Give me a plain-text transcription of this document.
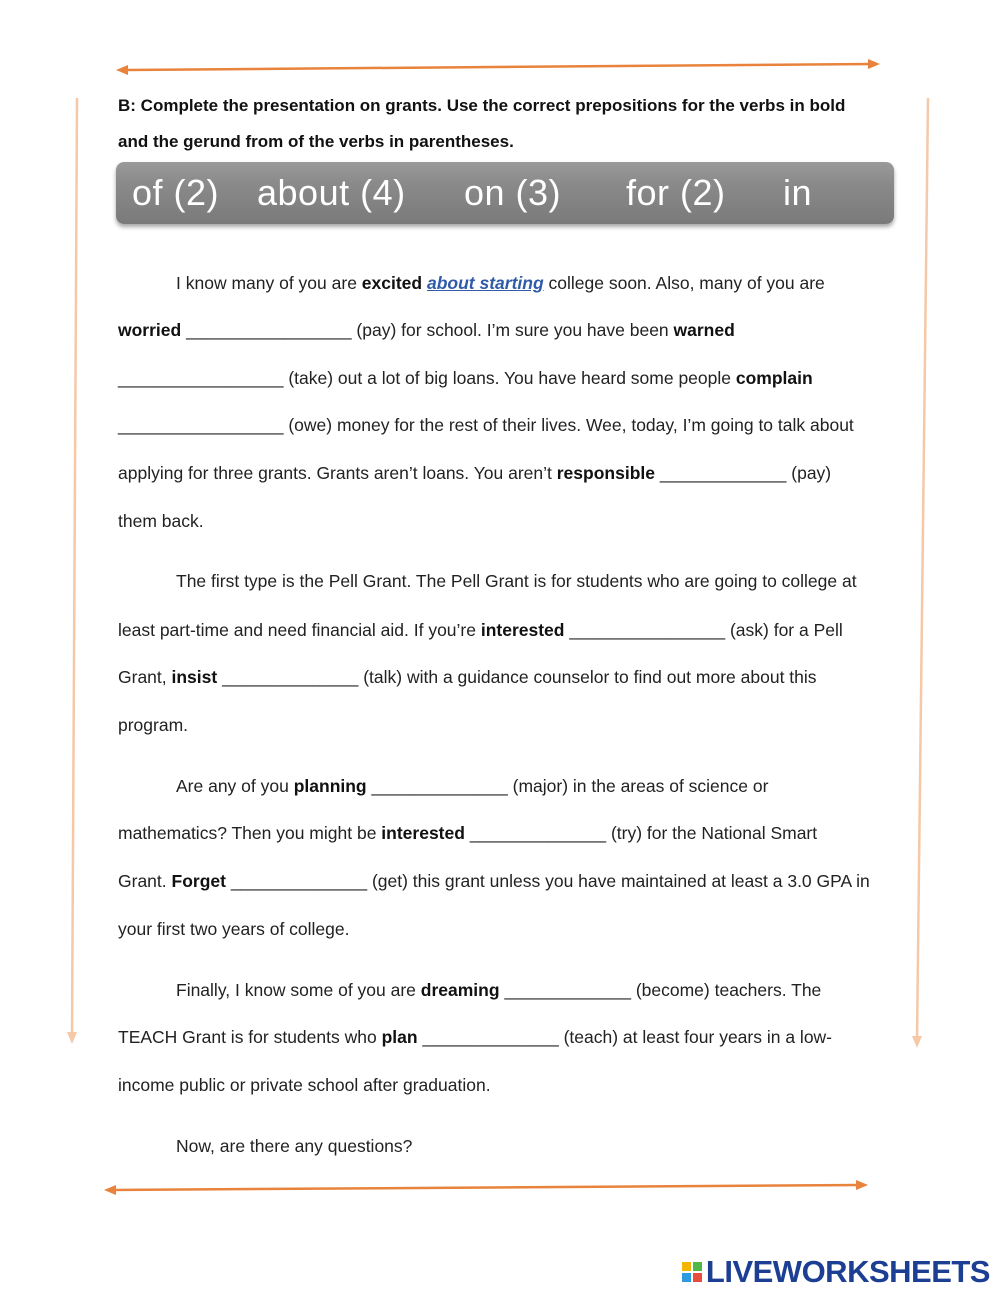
B: Complete the presentation on grants. Use the correct prepositions for the verbs in bold and the gerund from of the verbs in parentheses.
of (2) about (4) on (3) for (2) in
I know many of you are excited about starting college soon. Also, many of you are
worried _________________ (pay) for school. I’m sure you have been warned
_________________ (take) out a lot of big loans. You have heard some people complain
_________________ (owe) money for the rest of their lives. Wee, today, I’m going to talk about
applying for three grants. Grants aren’t loans. You aren’t responsible _____________ (pay)
them back.
The first type is the Pell Grant. The Pell Grant is for students who are going to college at
least part-time and need financial aid. If you’re interested ________________ (ask) for a Pell
Grant, insist ______________ (talk) with a guidance counselor to find out more about this
program.
Are any of you planning ______________ (major) in the areas of science or
mathematics? Then you might be interested ______________ (try) for the National Smart
Grant. Forget ______________ (get) this grant unless you have maintained at least a 3.0 GPA in
your first two years of college.
Finally, I know some of you are dreaming _____________ (become) teachers. The
TEACH Grant is for students who plan ______________ (teach) at least four years in a low-
income public or private school after graduation.
Now, are there any questions?
LIVEWORKSHEETS
